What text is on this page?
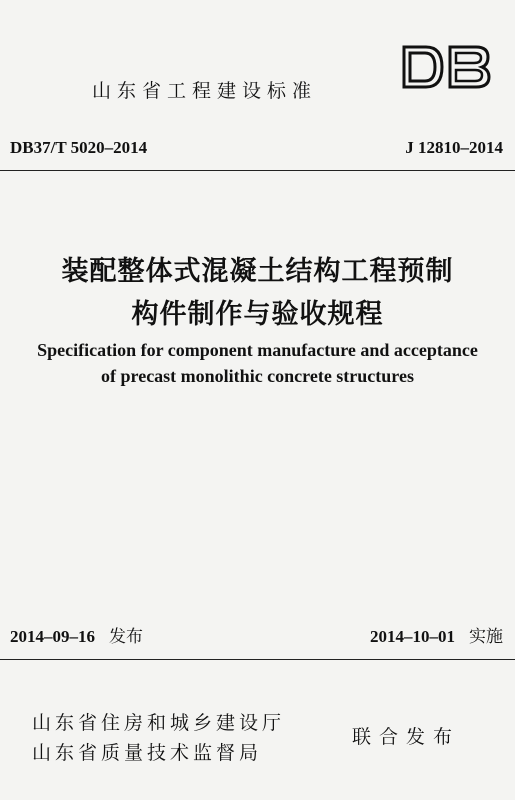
山东省工程建设标准
DB37/T 5020–2014	J 12810–2014
装配整体式混凝土结构工程预制
构件制作与验收规程
Specification for component manufacture and acceptance
of precast monolithic concrete structures
2014–09–16 发布	2014–10–01 实施
山东省住房和城乡建设厅
山东省质量技术监督局
联合发布
